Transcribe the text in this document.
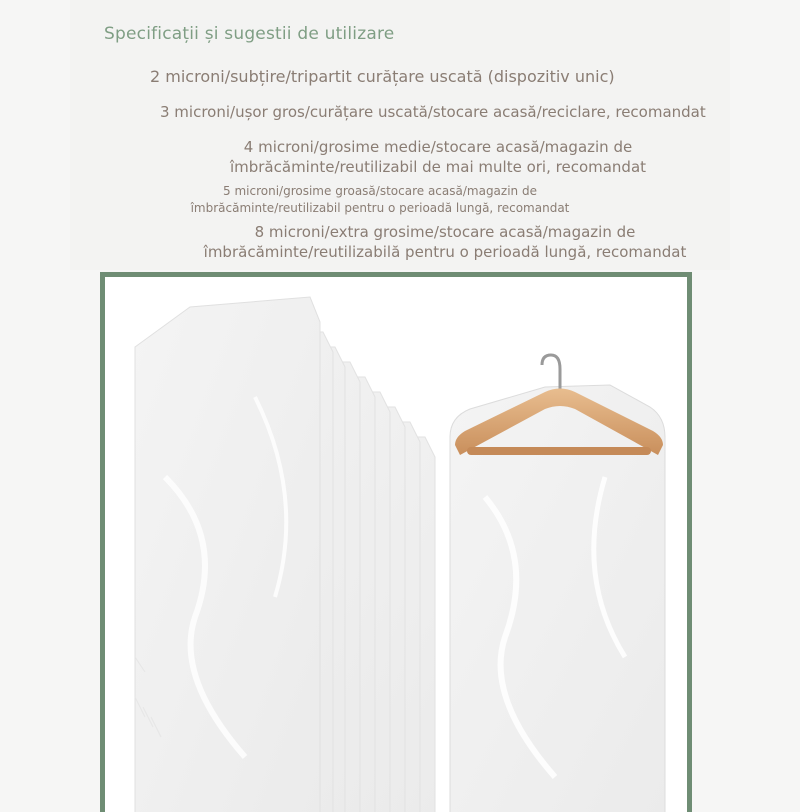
Specificații și sugestii de utilizare
2 microni/subțire/tripartit curățare uscată (dispozitiv unic)
3 microni/ușor gros/curățare uscată/stocare acasă/reciclare, recomandat
4 microni/grosime medie/stocare acasă/magazin de îmbrăcăminte/reutilizabil de mai multe ori, recomandat
5 microni/grosime groasă/stocare acasă/magazin de îmbrăcăminte/reutilizabil pentru o perioadă lungă, recomandat
8 microni/extra grosime/stocare acasă/magazin de îmbrăcăminte/reutilizabilă pentru o perioadă lungă, recomandat
